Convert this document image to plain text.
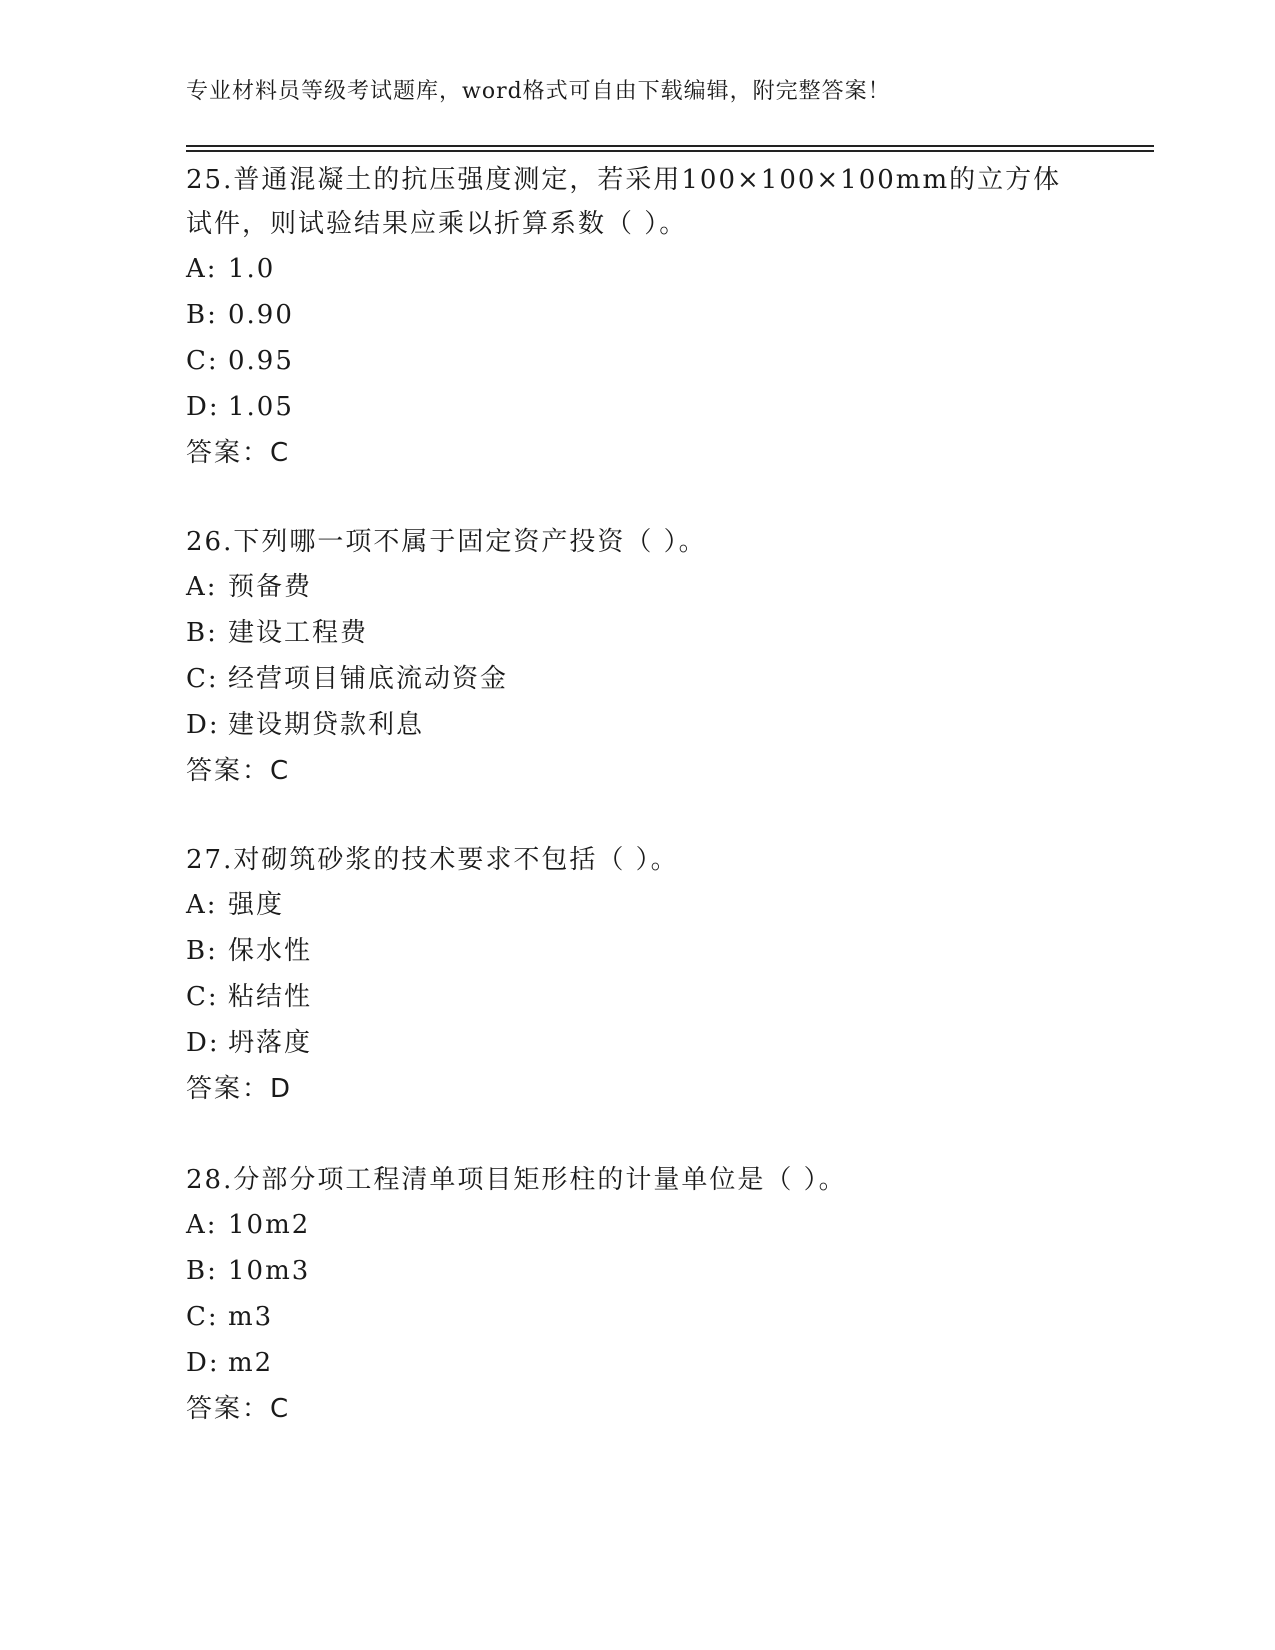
专业材料员等级考试题库，word格式可自由下载编辑，附完整答案！

25.普通混凝土的抗压强度测定，若采用100×100×100mm的立方体试件，则试验结果应乘以折算系数（ ）。

A: 1.0

B: 0.90

C: 0.95

D: 1.05

答案：C

26.下列哪一项不属于固定资产投资（ ）。

A: 预备费

B: 建设工程费

C: 经营项目铺底流动资金

D: 建设期贷款利息

答案：C

27.对砌筑砂浆的技术要求不包括（ ）。

A: 强度

B: 保水性

C: 粘结性

D: 坍落度

答案：D

28.分部分项工程清单项目矩形柱的计量单位是（ ）。

A: 10m2

B: 10m3

C: m3

D: m2

答案：C
